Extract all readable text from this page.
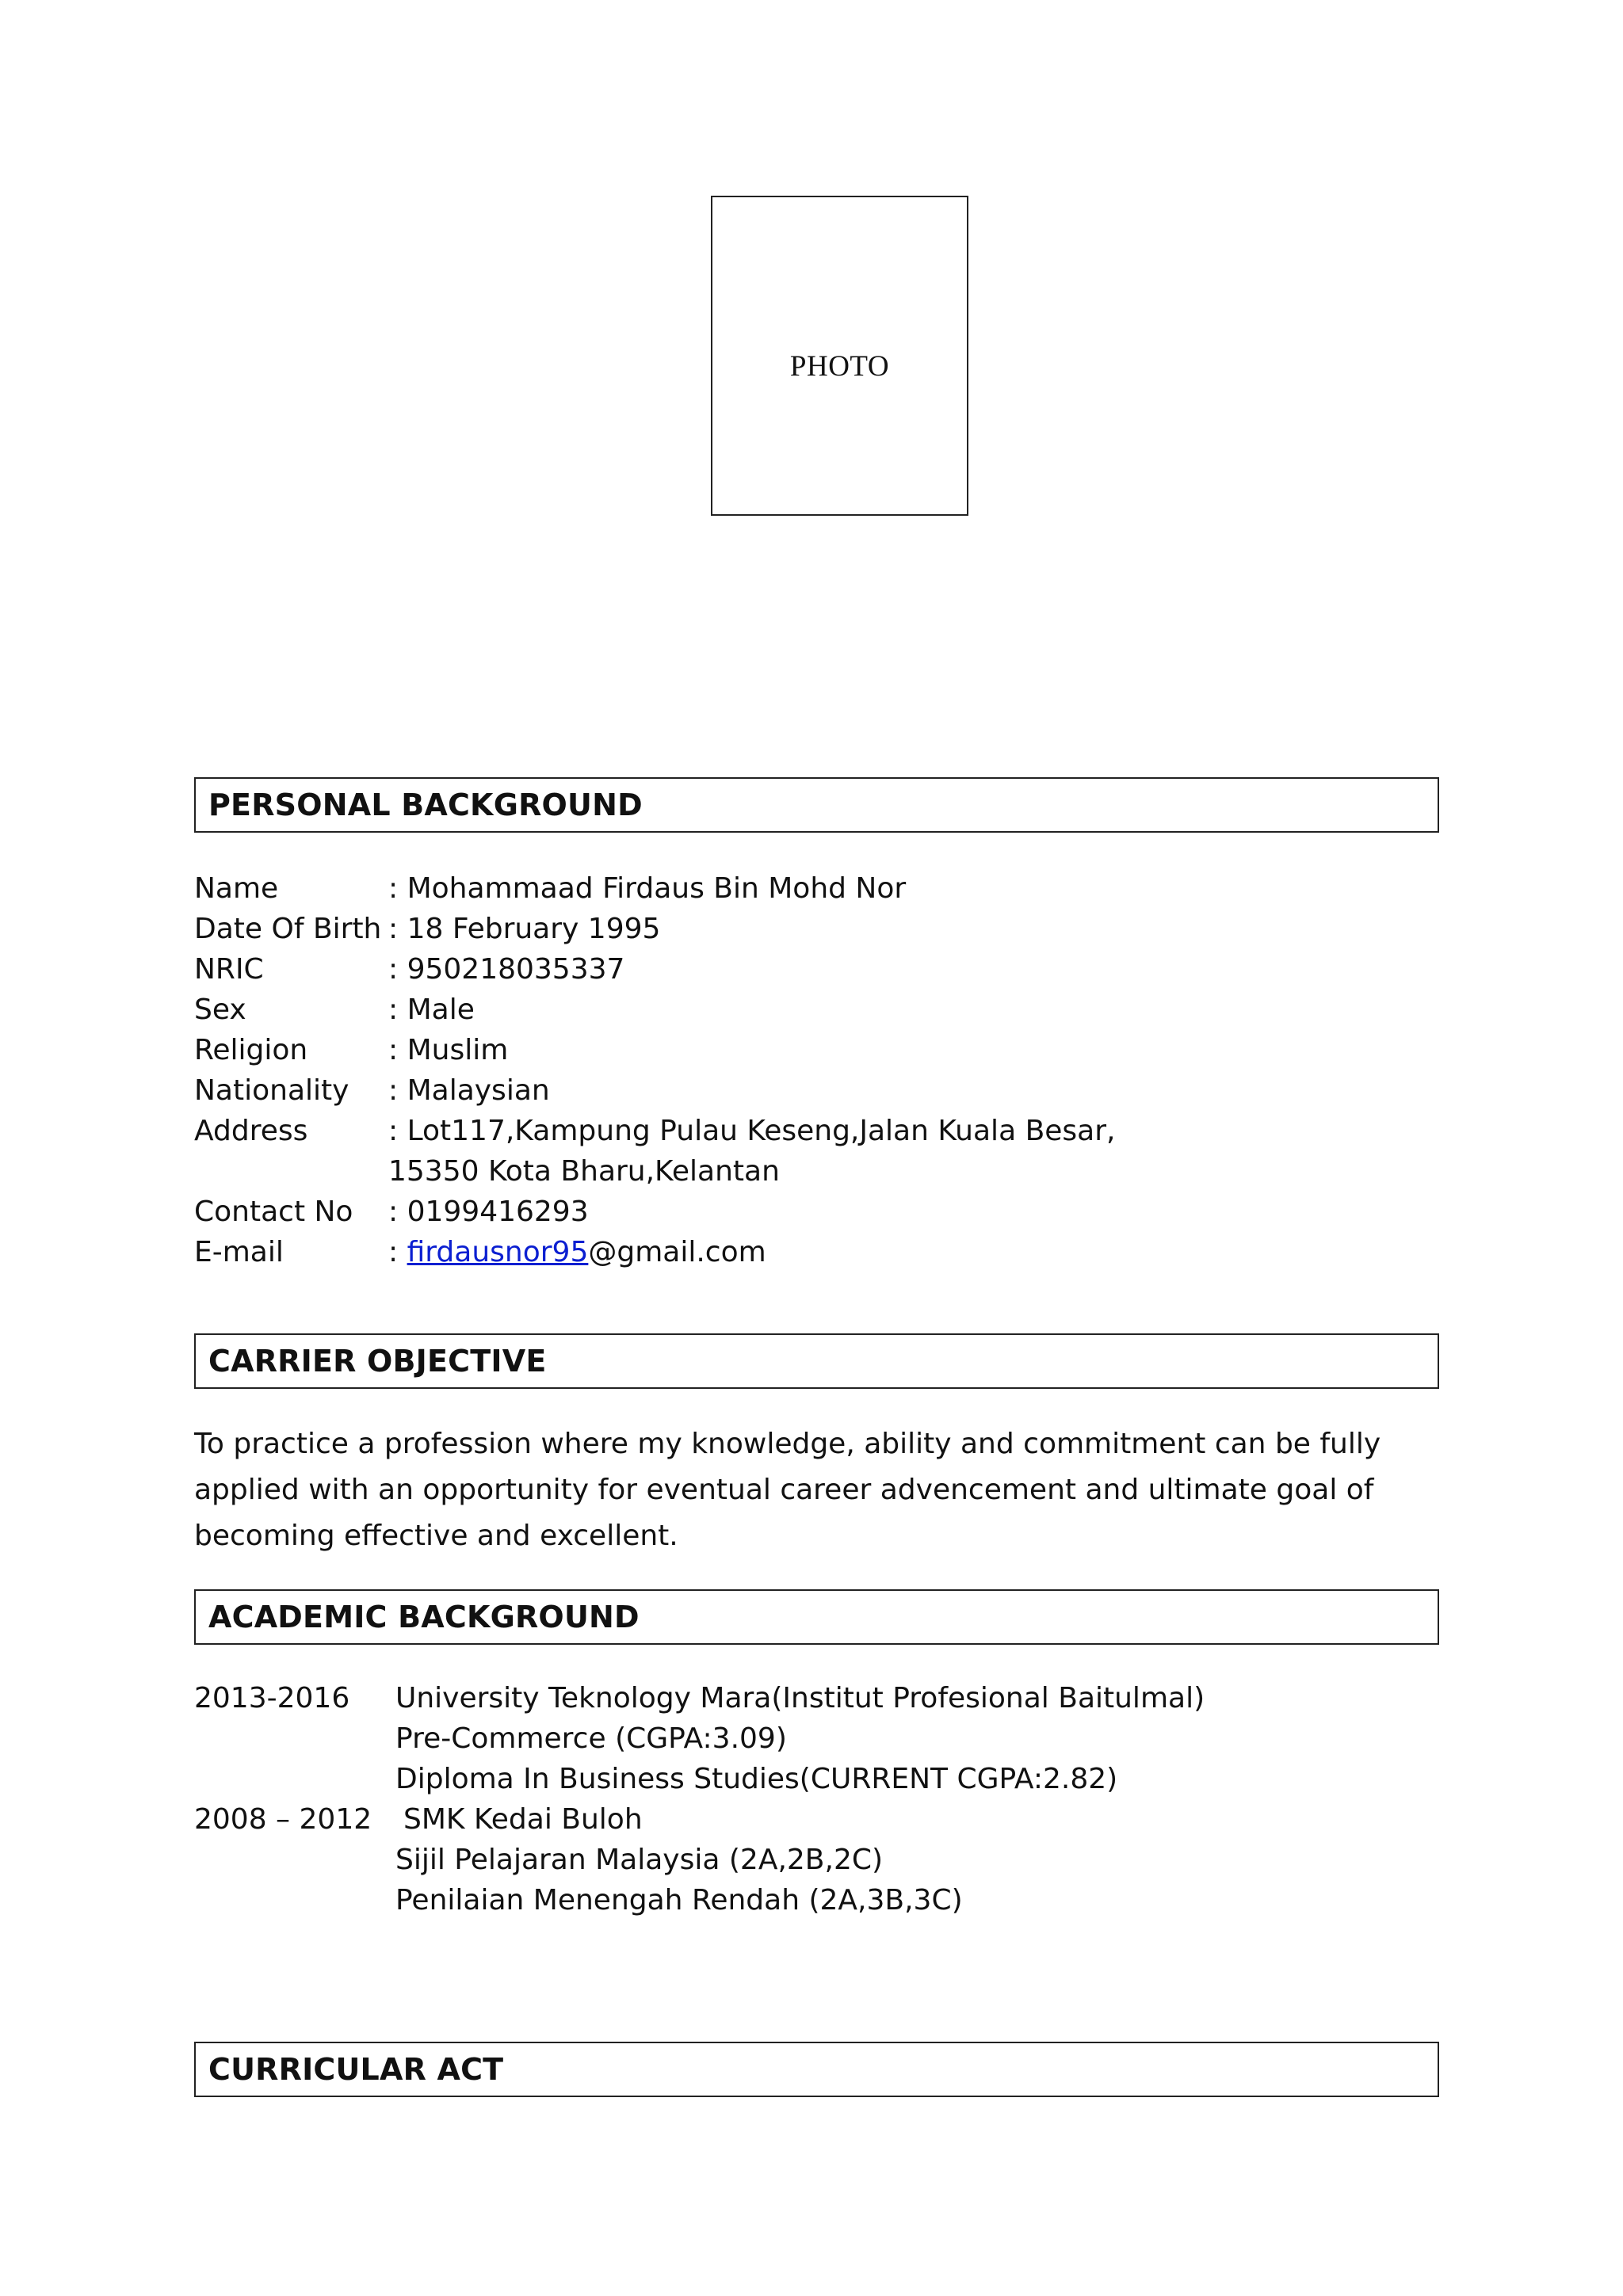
PHOTO
PERSONAL BACKGROUND
Name	: Mohammaad Firdaus Bin Mohd Nor
Date Of Birth : 18 February 1995
NRIC	: 950218035337
Sex	: Male
Religion	: Muslim
Nationality	: Malaysian
Address	: Lot117,Kampung Pulau Keseng,Jalan Kuala Besar,
15350 Kota Bharu,Kelantan
Contact No	: 0199416293
E-mail	: firdausnor95@gmail.com
CARRIER OBJECTIVE

To practice a profession where my knowledge, ability and commitment can be fully applied with an opportunity for eventual career advencement and ultimate goal of becoming effective and excellent.

ACADEMIC BACKGROUND
2013-2016	University Teknology Mara(Institut Profesional Baitulmal)
Pre-Commerce (CGPA:3.09)
Diploma In Business Studies(CURRENT CGPA:2.82)
2008 – 2012	SMK Kedai Buloh
Sijil Pelajaran Malaysia (2A,2B,2C)
Penilaian Menengah Rendah (2A,3B,3C)
CURRICULAR ACT
